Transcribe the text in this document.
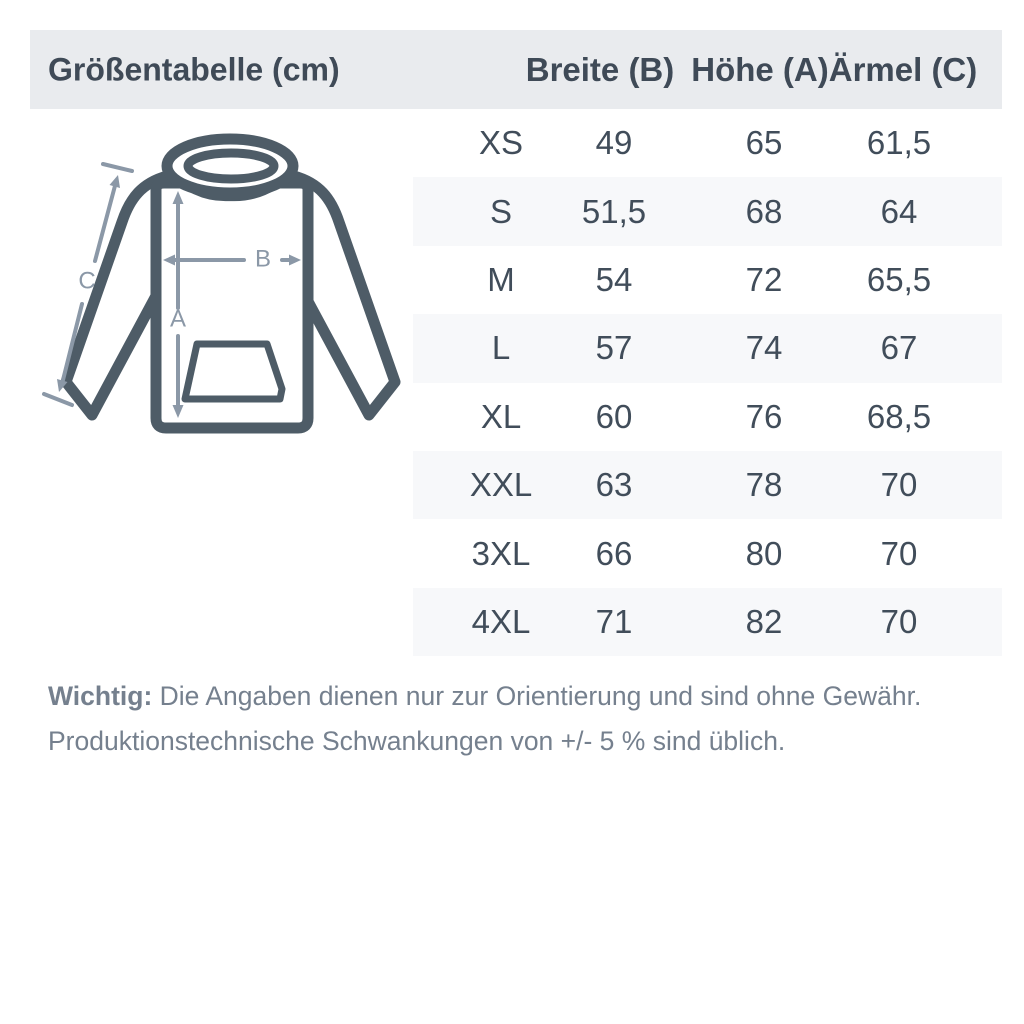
Größentabelle (cm)	Breite (B) Höhe (A) Ärmel (C)
A
B
C
XS 49	65	61,5
S 51,5	68	64
M 54	72	65,5
L	57	74	67
XL 60	76	68,5
XXL 63	78	70
3XL 66	80	70
4XL 71	82	70
Wichtig: Die Angaben dienen nur zur Orientierung und sind ohne Gewähr.
Produktionstechnische Schwankungen von +/- 5 % sind üblich.
